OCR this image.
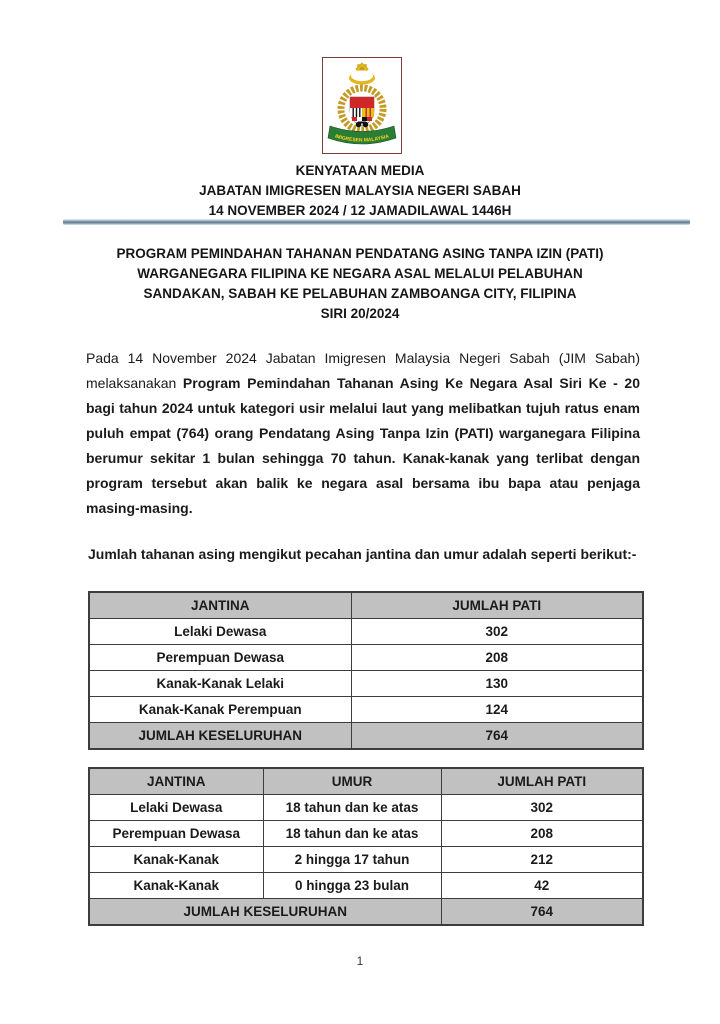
IMIGRESEN MALAYSIA
KENYATAAN MEDIA
JABATAN IMIGRESEN MALAYSIA NEGERI SABAH
14 NOVEMBER 2024 / 12 JAMADILAWAL 1446H
PROGRAM PEMINDAHAN TAHANAN PENDATANG ASING TANPA IZIN (PATI)
WARGANEGARA FILIPINA KE NEGARA ASAL MELALUI PELABUHAN
SANDAKAN, SABAH KE PELABUHAN ZAMBOANGA CITY, FILIPINA
SIRI 20/2024
Pada 14 November 2024 Jabatan Imigresen Malaysia Negeri Sabah (JIM Sabah) melaksanakan Program Pemindahan Tahanan Asing Ke Negara Asal Siri Ke - 20 bagi tahun 2024 untuk kategori usir melalui laut yang melibatkan tujuh ratus enam puluh empat (764) orang Pendatang Asing Tanpa Izin (PATI) warganegara Filipina berumur sekitar 1 bulan sehingga 70 tahun. Kanak-kanak yang terlibat dengan program tersebut akan balik ke negara asal bersama ibu bapa atau penjaga masing-masing.
Jumlah tahanan asing mengikut pecahan jantina dan umur adalah seperti berikut:-
JANTINA	JUMLAH PATI
Lelaki Dewasa	302
Perempuan Dewasa	208
Kanak-Kanak Lelaki	130
Kanak-Kanak Perempuan	124
JUMLAH KESELURUHAN	764
JANTINA	UMUR	JUMLAH PATI
Lelaki Dewasa	18 tahun dan ke atas	302
Perempuan Dewasa	18 tahun dan ke atas	208
Kanak-Kanak	2 hingga 17 tahun	212
Kanak-Kanak	0 hingga 23 bulan	42
JUMLAH KESELURUHAN		764
1
